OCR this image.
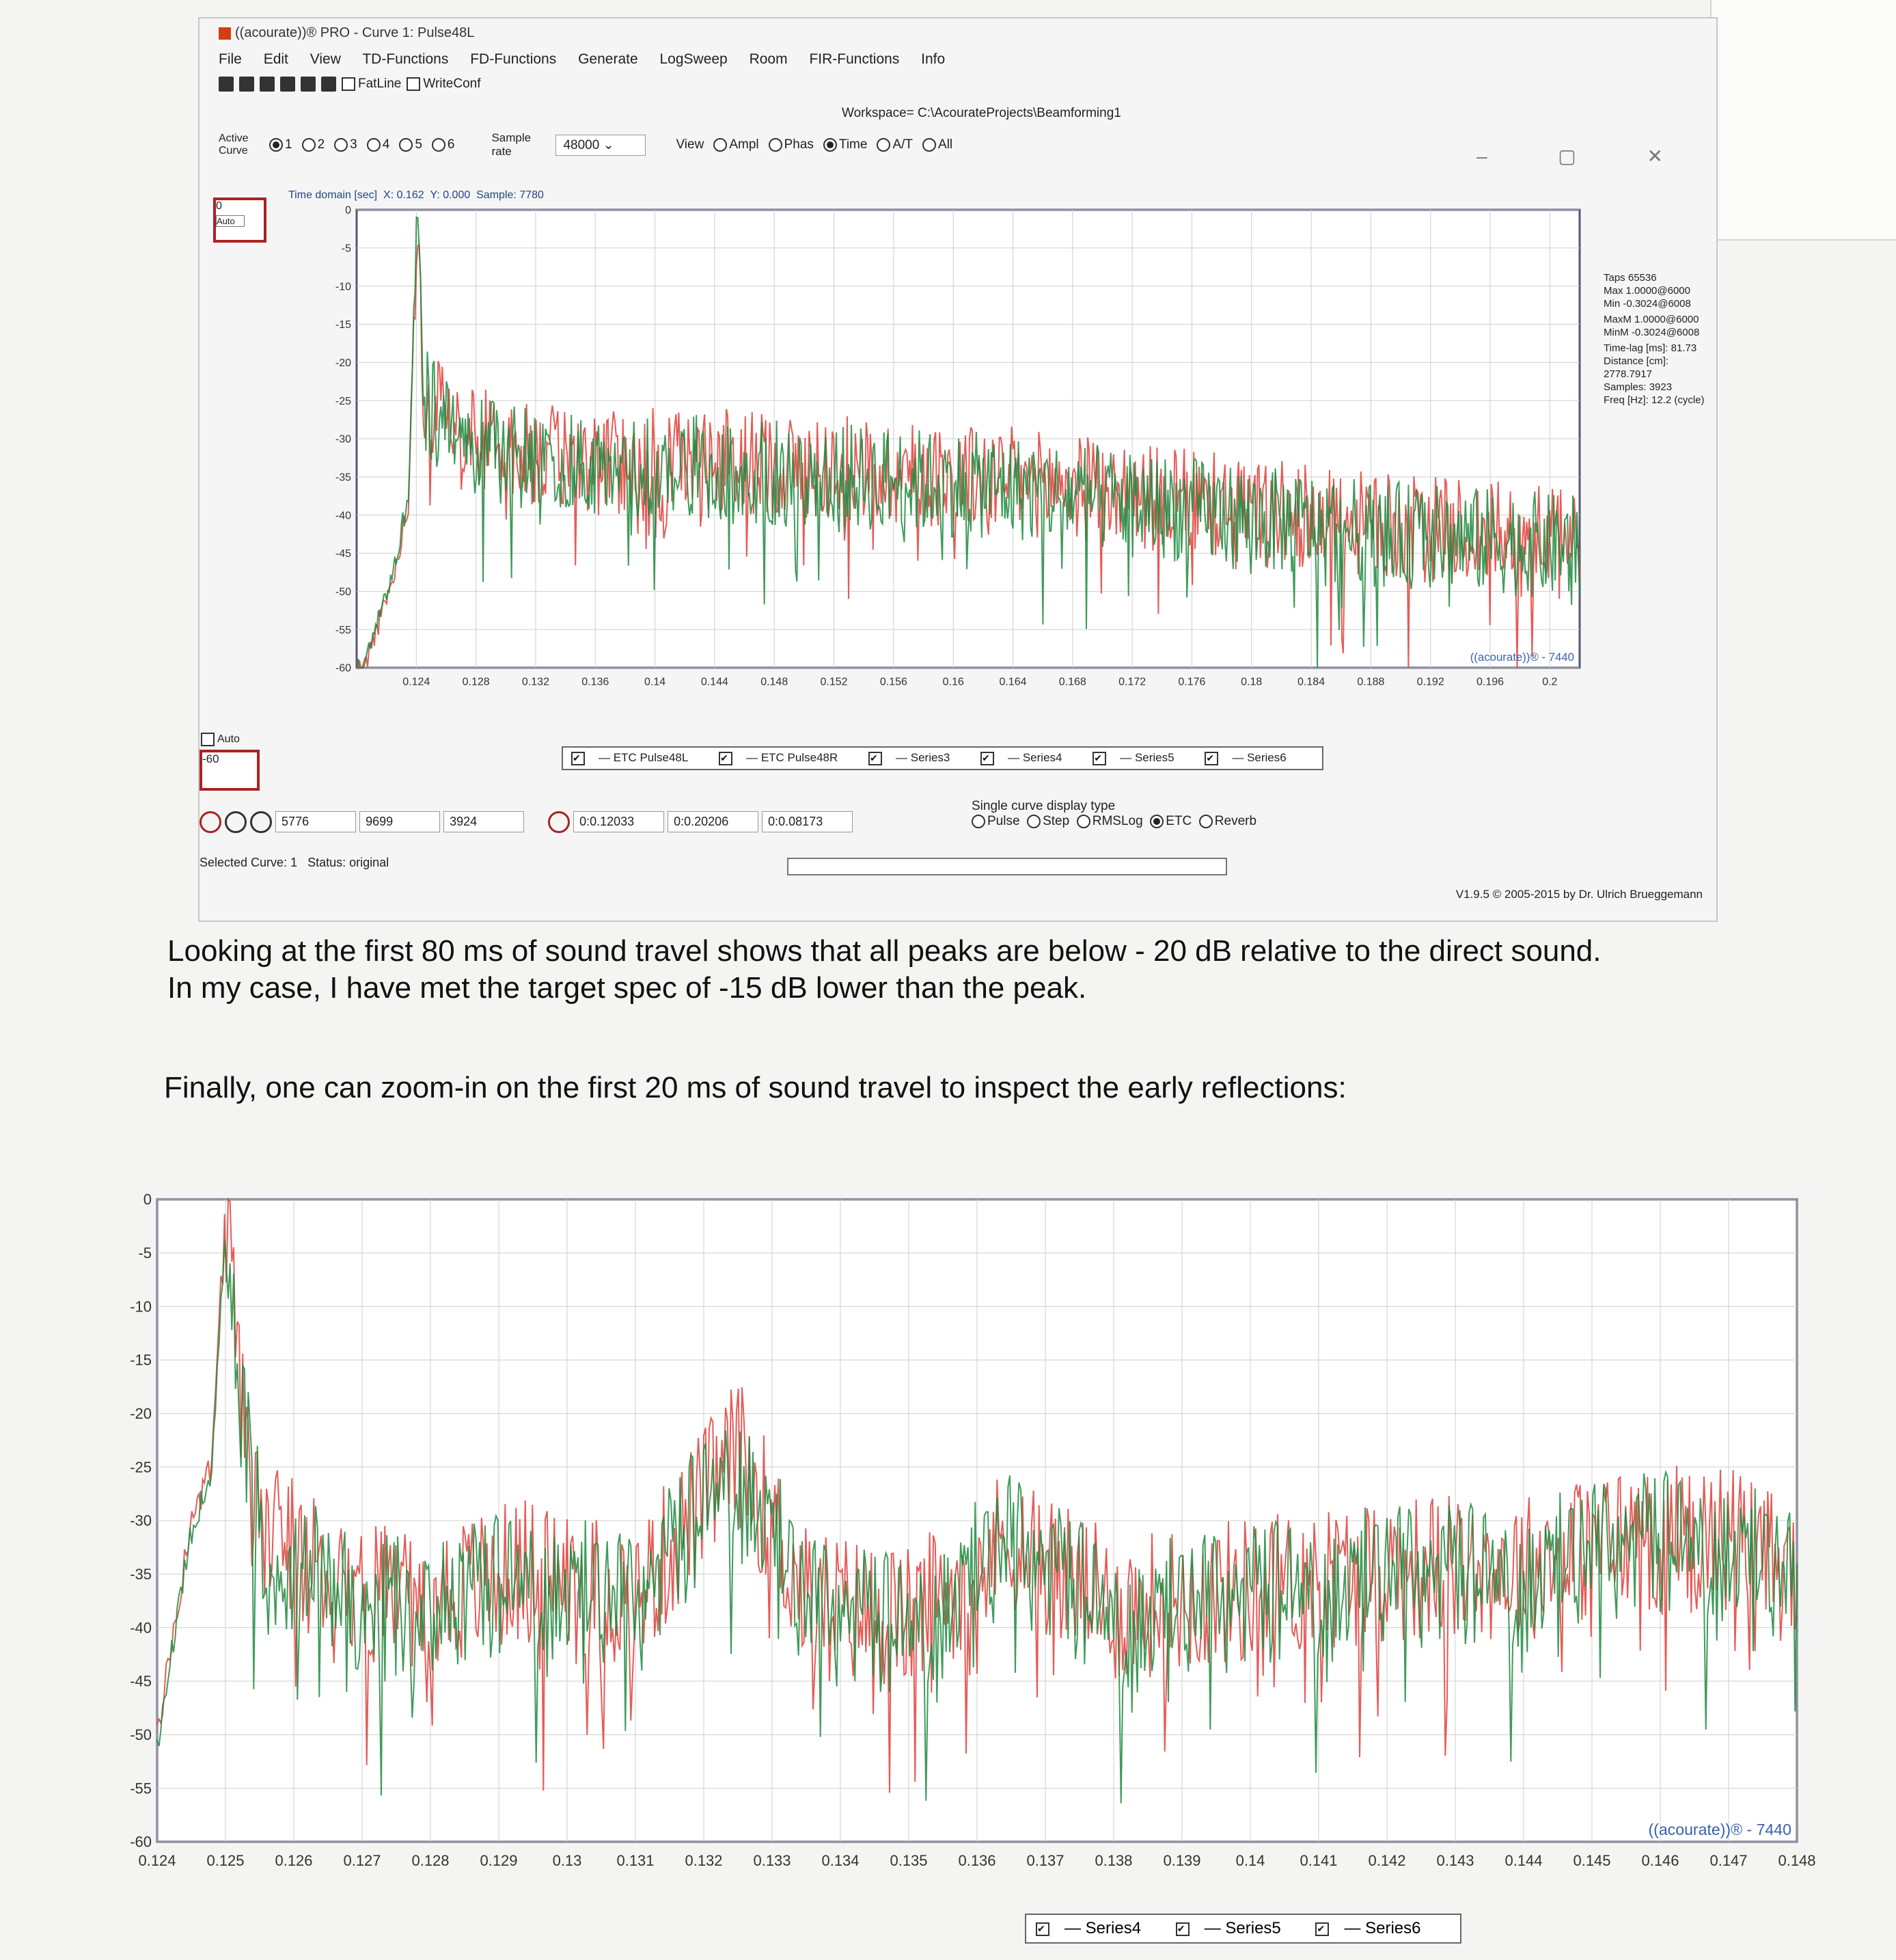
((acourate))® PRO - Curve 1: Pulse48L
File Edit View TD-Functions FD-Functions Generate LogSweep Room FIR-Functions Info
FatLine	WriteConf
Workspace= C:\AcourateProjects\Beamforming1
– ▢ ✕
Active Curve	1	2	3	4	5	6	Sample rate	48000 ⌄	View	Ampl	Phas	Time	A/T	All
Time domain [sec] X: 0.162 Y: 0.000 Sample: 7780
0
Auto
0
-5
-10
-15
-20
-25
-30
-35
-40
-45
-50
-55
-60
0.124	0.128	0.132	0.136	0.14	0.144	0.148	0.152	0.156	0.16	0.164	0.168	0.172	0.176	0.18	0.184	0.188	0.192	0.196	0.2
((acourate))® - 7440
Auto
-60
Taps 65536
Max 1.0000@6000
Min -0.3024@6008
MaxM 1.0000@6000
MinM -0.3024@6008
Time-lag [ms]: 81.73
Distance [cm]: 2778.7917
Samples: 3923
Freq [Hz]: 12.2 (cycle)
✔— ETC Pulse48L ✔	— ETC Pulse48R ✔	— Series3 ✔	— Series4 ✔	— Series5 ✔	— Series6
5776	9699	3924	0:0.12033	0:0.20206	0:0.08173
Single curve display type
Pulse Step RMSLog ETC Reverb
Selected Curve: 1 Status: original
V1.9.5 © 2005-2015 by Dr. Ulrich Brueggemann
Looking at the first 80 ms of sound travel shows that all peaks are below - 20 dB relative to the direct sound.
In my case, I have met the target spec of -15 dB lower than the peak.
Finally, one can zoom-in on the first 20 ms of sound travel to inspect the early reflections:
0
-5
-10
-15
-20
-25
-30
-35
-40
-45
-50
-55
-60
0.124 0.125 0.126 0.127 0.128 0.129 0.13 0.131 0.132 0.133 0.134 0.135 0.136 0.137 0.138 0.139 0.14 0.141 0.142 0.143 0.144 0.145 0.146 0.147 0.148
((acourate))® - 7440
✔— Series4 ✔	— Series5 ✔	— Series6
